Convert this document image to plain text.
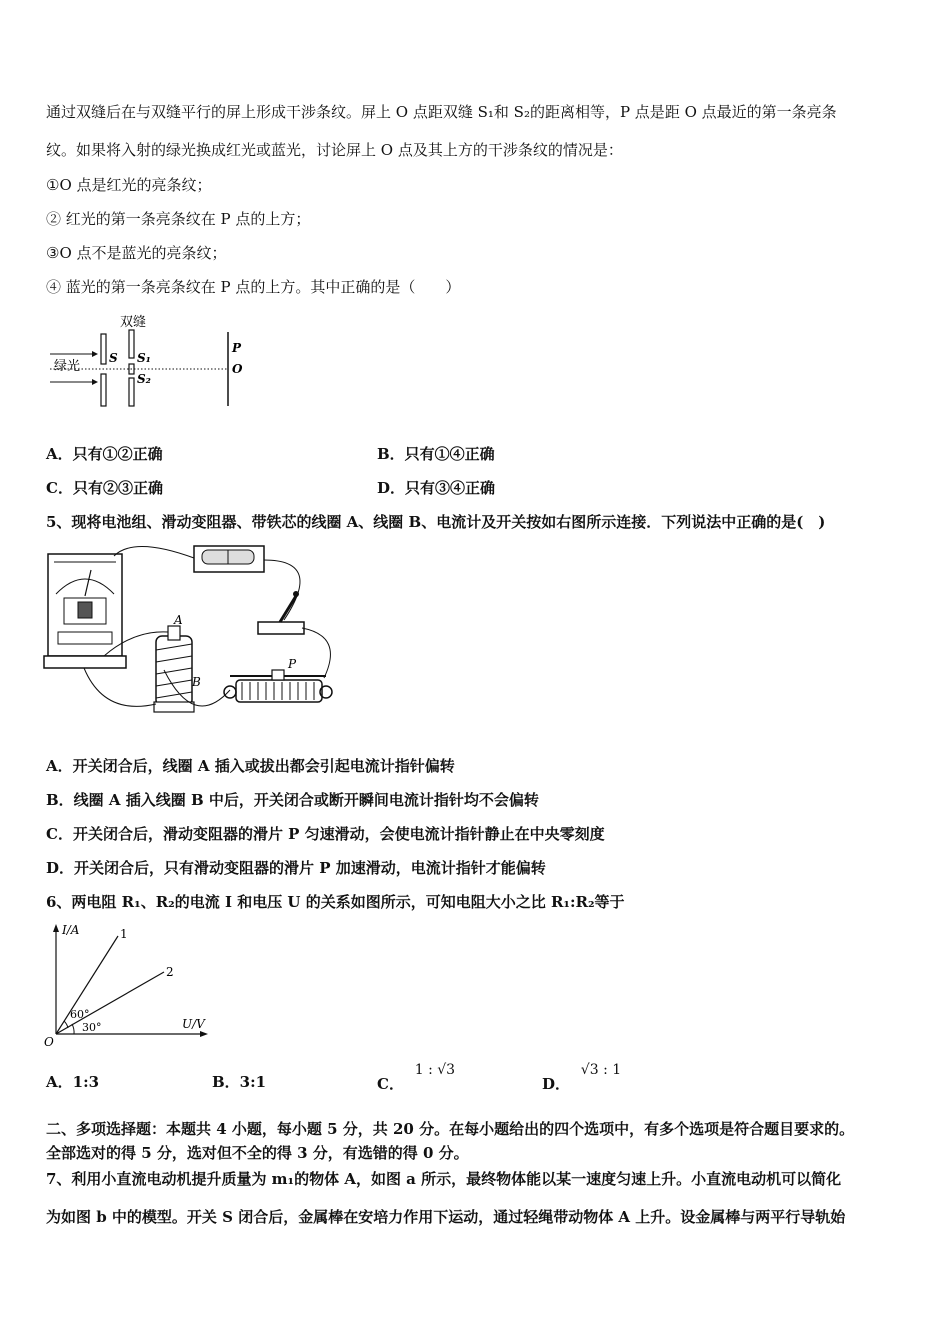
通过双缝后在与双缝平行的屏上形成干涉条纹。屏上 O 点距双缝 S₁和 S₂的距离相等，P 点是距 O 点最近的第一条亮条
纹。如果将入射的绿光换成红光或蓝光，讨论屏上 O 点及其上方的干涉条纹的情况是：
①O 点是红光的亮条纹；
② 红光的第一条亮条纹在 P 点的上方；
③O 点不是蓝光的亮条纹；
④ 蓝光的第一条亮条纹在 P 点的上方。其中正确的是（　　）
双缝
绿光
S S₁
S₂
P
O
A．只有①②正确	B．只有①④正确
C．只有②③正确	D．只有③④正确
5、现将电池组、滑动变阻器、带铁芯的线圈 A、线圈 B、电流计及开关按如右图所示连接．下列说法中正确的是(　)
A
B
P
A．开关闭合后，线圈 A 插入或拔出都会引起电流计指针偏转
B．线圈 A 插入线圈 B 中后，开关闭合或断开瞬间电流计指针均不会偏转
C．开关闭合后，滑动变阻器的滑片 P 匀速滑动，会使电流计指针静止在中央零刻度
D．开关闭合后，只有滑动变阻器的滑片 P 加速滑动，电流计指针才能偏转
6、两电阻 R₁、R₂的电流 I 和电压 U 的关系如图所示，可知电阻大小之比 R₁:R₂等于
I/A
U/V
O
1
2
60°
30°
A．1:3	B．3:1	C． 1 : √3
D． √3 : 1
二、多项选择题：本题共 4 小题，每小题 5 分，共 20 分。在每小题给出的四个选项中，有多个选项是符合题目要求的。
全部选对的得 5 分，选对但不全的得 3 分，有选错的得 0 分。
7、利用小直流电动机提升质量为 m₁的物体 A，如图 a 所示，最终物体能以某一速度匀速上升。小直流电动机可以简化
为如图 b 中的模型。开关 S 闭合后，金属棒在安培力作用下运动，通过轻绳带动物体 A 上升。设金属棒与两平行导轨始
